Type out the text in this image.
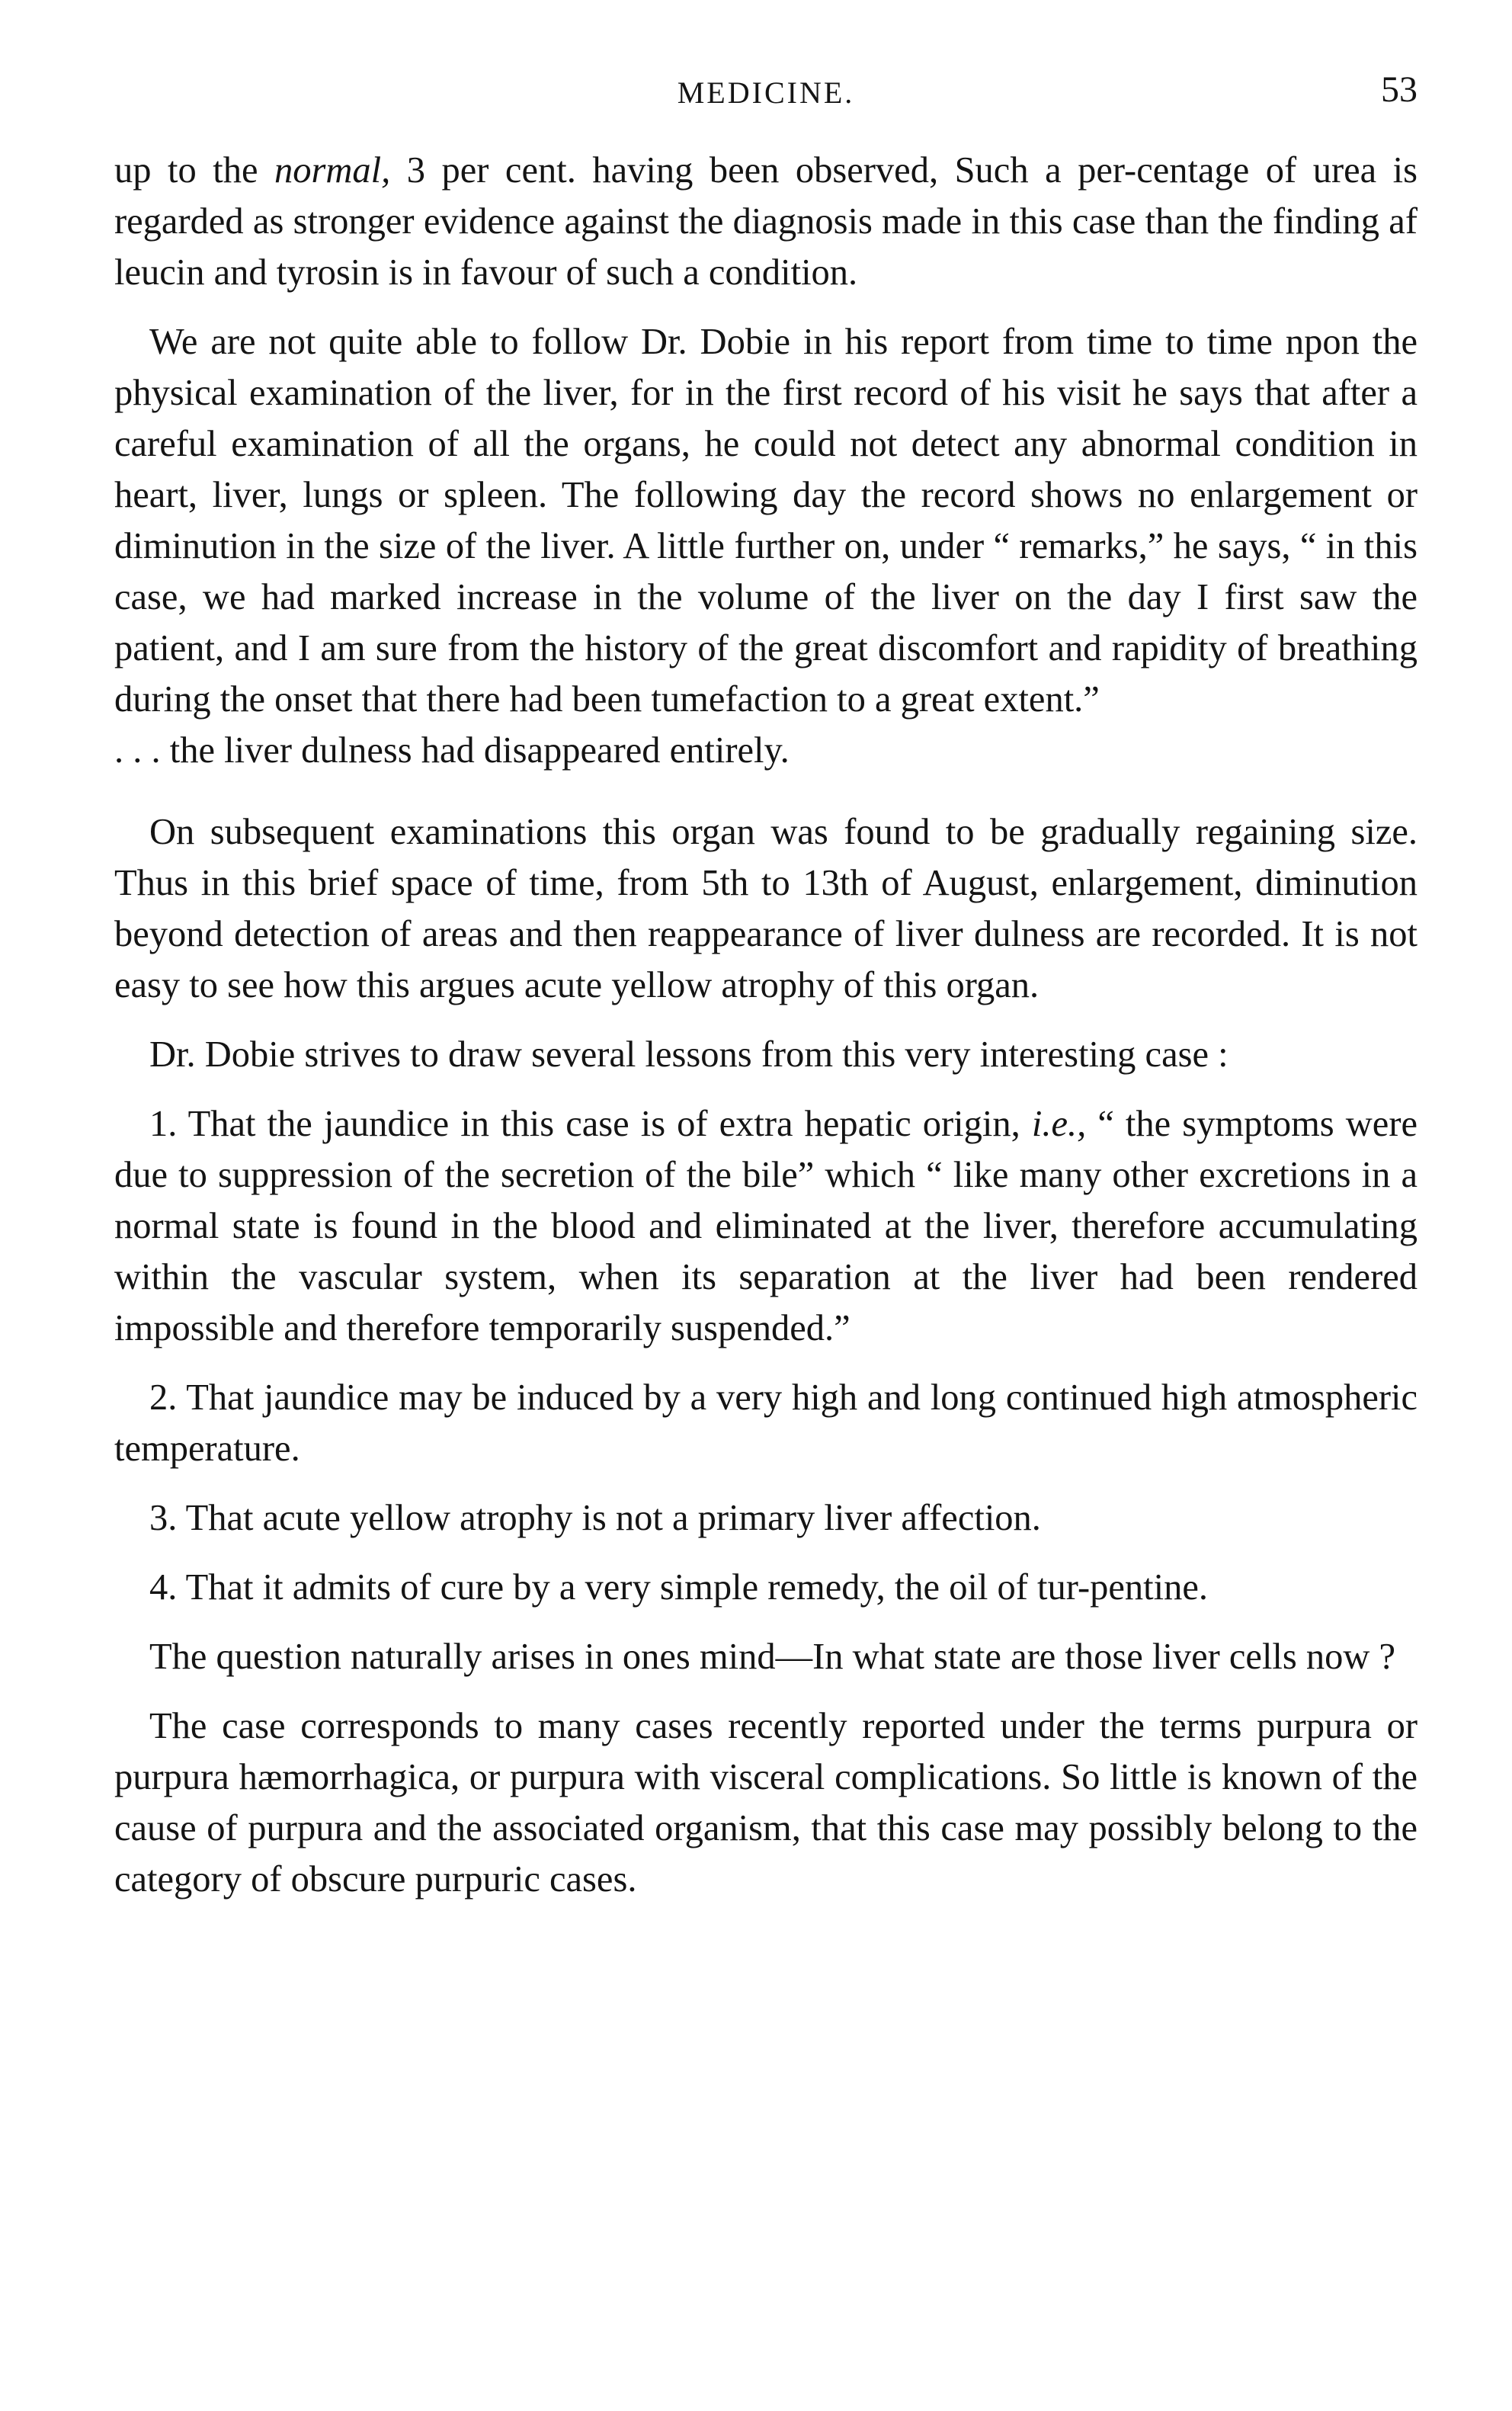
MEDICINE.	53

up to the normal, 3 per cent. having been observed, Such a per-centage of urea is regarded as stronger evidence against the diagnosis made in this case than the finding af leucin and tyrosin is in favour of such a condition.

We are not quite able to follow Dr. Dobie in his report from time to time npon the physical examination of the liver, for in the first record of his visit he says that after a careful examination of all the organs, he could not detect any abnormal condition in heart, liver, lungs or spleen. The following day the record shows no enlargement or diminution in the size of the liver. A little further on, under “ remarks,” he says, “ in this case, we had marked increase in the volume of the liver on the day I first saw the patient, and I am sure from the history of the great discomfort and rapidity of breathing during the onset that there had been tumefaction to a great extent.”

. . . the liver dulness had disappeared entirely.

On subsequent examinations this organ was found to be gradually regaining size. Thus in this brief space of time, from 5th to 13th of August, enlargement, diminution beyond detection of areas and then reappearance of liver dulness are recorded. It is not easy to see how this argues acute yellow atrophy of this organ.

Dr. Dobie strives to draw several lessons from this very interesting case :

1. That the jaundice in this case is of extra hepatic origin, i.e., “ the symptoms were due to suppression of the secretion of the bile” which “ like many other excretions in a normal state is found in the blood and eliminated at the liver, therefore accumulating within the vascular system, when its separation at the liver had been rendered impossible and therefore temporarily suspended.”

2. That jaundice may be induced by a very high and long continued high atmospheric temperature.

3. That acute yellow atrophy is not a primary liver affection.

4. That it admits of cure by a very simple remedy, the oil of tur-pentine.

The question naturally arises in ones mind—In what state are those liver cells now ?

The case corresponds to many cases recently reported under the terms purpura or purpura hæmorrhagica, or purpura with visceral complications. So little is known of the cause of purpura and the associated organism, that this case may possibly belong to the category of obscure purpuric cases.
